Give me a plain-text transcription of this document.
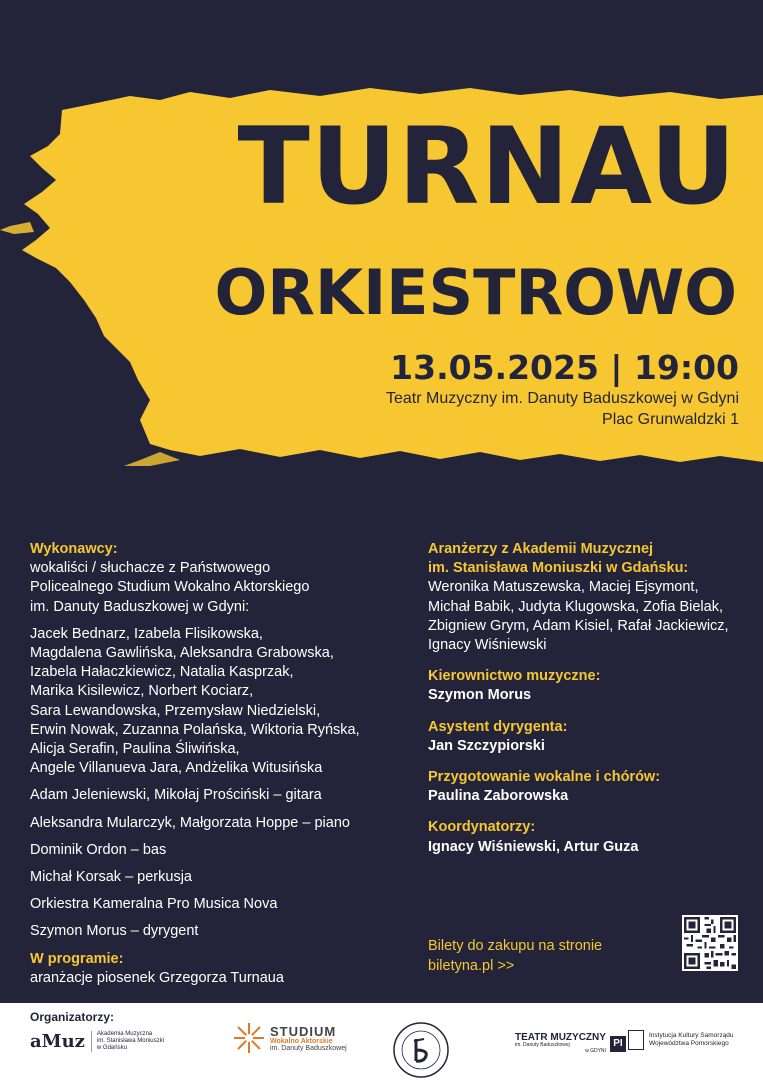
TURNAU
ORKIESTROWO
13.05.2025 | 19:00
Teatr Muzyczny im. Danuty Baduszkowej w Gdyni
Plac Grunwaldzki 1
Wykonawcy:
wokaliści / słuchacze z Państwowego
Policealnego Studium Wokalno Aktorskiego
im. Danuty Baduszkowej w Gdyni:
Jacek Bednarz, Izabela Flisikowska,
Magdalena Gawlińska, Aleksandra Grabowska,
Izabela Hałaczkiewicz, Natalia Kasprzak,
Marika Kisilewicz, Norbert Kociarz,
Sara Lewandowska, Przemysław Niedzielski,
Erwin Nowak, Zuzanna Polańska, Wiktoria Ryńska,
Alicja Serafin, Paulina Śliwińska,
Angele Villanueva Jara, Andżelika Witusińska
Adam Jeleniewski, Mikołaj Prościński – gitara
Aleksandra Mularczyk, Małgorzata Hoppe – piano
Dominik Ordon – bas
Michał Korsak – perkusja
Orkiestra Kameralna Pro Musica Nova
Szymon Morus – dyrygent
W programie:
aranżacje piosenek Grzegorza Turnaua
Aranżerzy z Akademii Muzycznej
im. Stanisława Moniuszki w Gdańsku:
Weronika Matuszewska, Maciej Ejsymont,
Michał Babik, Judyta Klugowska, Zofia Bielak,
Zbigniew Grym, Adam Kisiel, Rafał Jackiewicz,
Ignacy Wiśniewski
Kierownictwo muzyczne:
Szymon Morus
Asystent dyrygenta:
Jan Szczypiorski
Przygotowanie wokalne i chórów:
Paulina Zaborowska
Koordynatorzy:
Ignacy Wiśniewski, Artur Guza
Bilety do zakupu na stronie
biletyna.pl >>
Organizatorzy:
aMuz Akademia Muzyczna
im. Stanisława Moniuszki
w Gdańsku
STUDIUM
Wokalno Aktorskie
im. Danuty Baduszkowej
TEATR MUZYCZNY
im. Danuty Baduszkowej
w GDYNI
PI
Instytucja Kultury Samorządu
Województwa Pomorskiego
